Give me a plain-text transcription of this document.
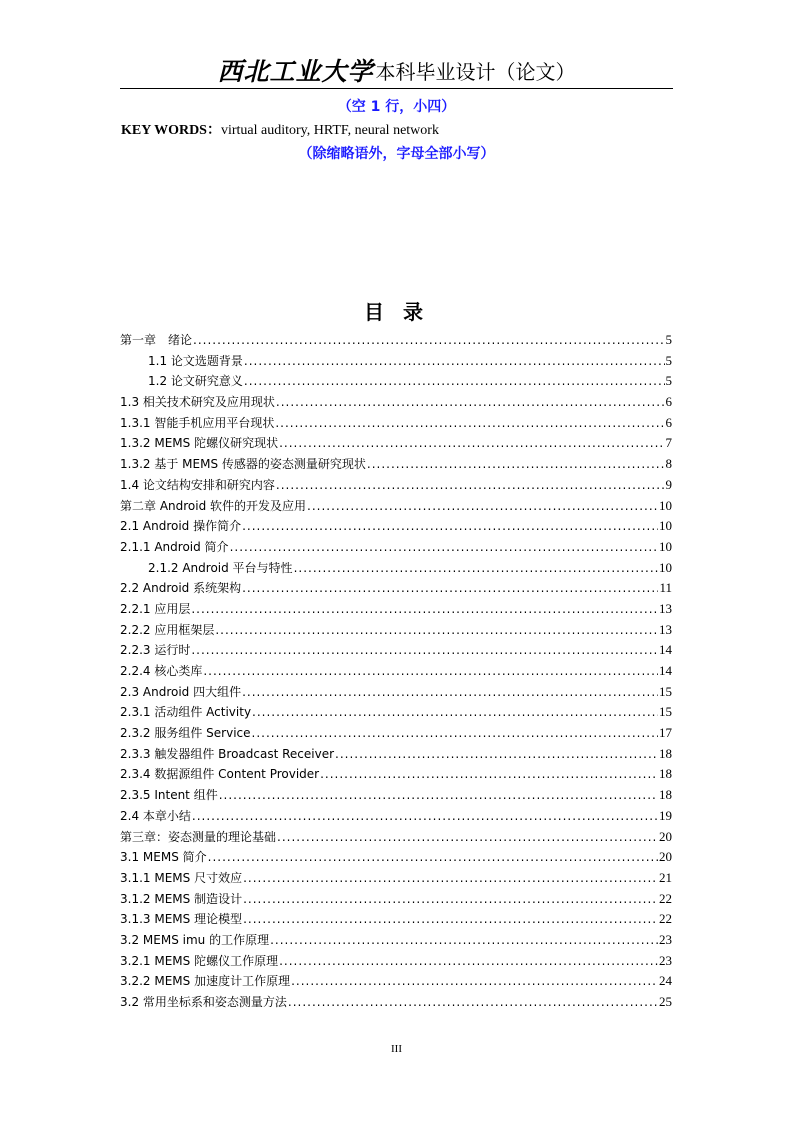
西北工业大学 本科毕业设计（论文）
（空 1 行，小四）
KEY WORDS：virtual auditory, HRTF, neural network
（除缩略语外，字母全部小写）
目 录
第一章　绪论 .....	5
1.1 论文选题背景 .....	5
1.2 论文研究意义 .....	5
1.3 相关技术研究及应用现状 .....	6
1.3.1 智能手机应用平台现状 .....	6
1.3.2 MEMS 陀螺仪研究现状 .....	7
1.3.2 基于 MEMS 传感器的姿态测量研究现状 .....	8
1.4 论文结构安排和研究内容 .....	9
第二章 Android 软件的开发及应用 .....	10
2.1 Android 操作简介 .....	10
2.1.1 Android 简介 .....	10
2.1.2 Android 平台与特性 .....	10
2.2 Android 系统架构 .....	11
2.2.1 应用层 .....	13
2.2.2 应用框架层 .....	13
2.2.3 运行时 .....	14
2.2.4 核心类库 .....	14
2.3 Android 四大组件 .....	15
2.3.1 活动组件 Activity .....	15
2.3.2 服务组件 Service .....	17
2.3.3 触发器组件 Broadcast Receiver .....	18
2.3.4 数据源组件 Content Provider .....	18
2.3.5 Intent 组件 .....	18
2.4 本章小结 .....	19
第三章：姿态测量的理论基础 .....	20
3.1 MEMS 简介 .....	20
3.1.1 MEMS 尺寸效应 .....	21
3.1.2 MEMS 制造设计 .....	22
3.1.3 MEMS 理论模型 .....	22
3.2 MEMS imu 的工作原理 .....	23
3.2.1 MEMS 陀螺仪工作原理 .....	23
3.2.2 MEMS 加速度计工作原理 .....	24
3.2 常用坐标系和姿态测量方法 .....	25
III
